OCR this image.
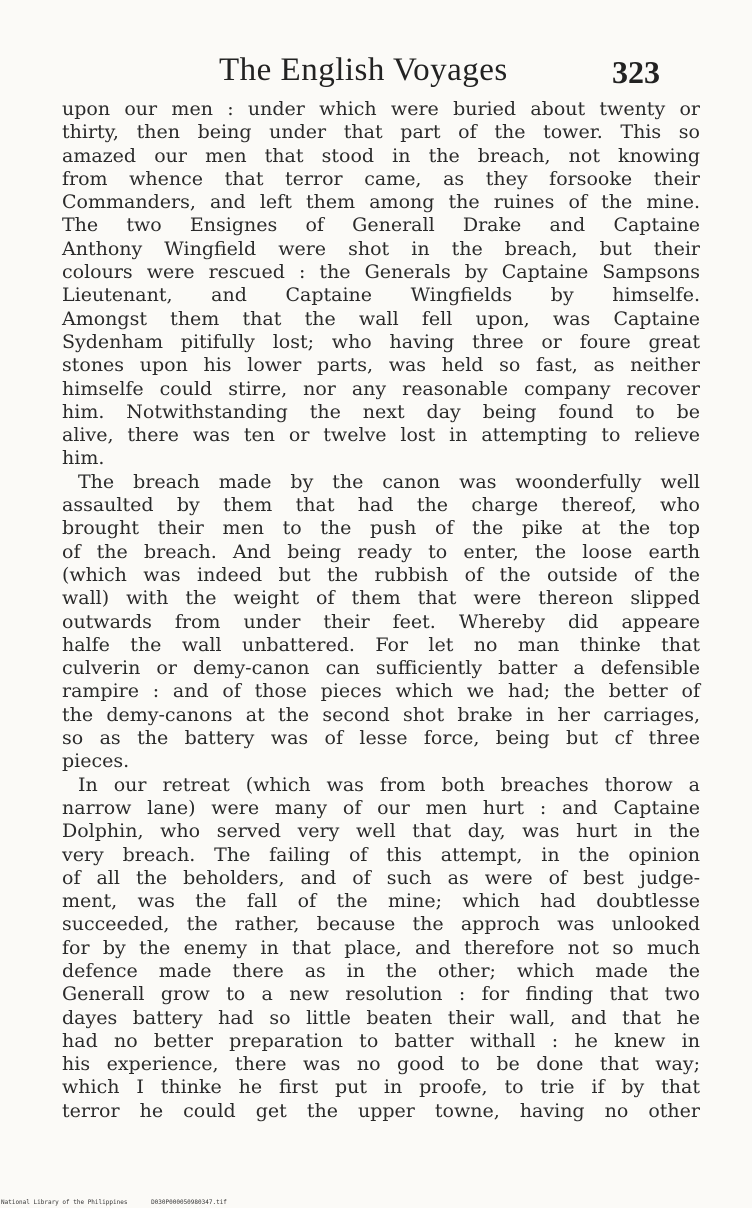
The English Voyages	323
upon our men : under which were buried about twenty or
thirty, then being under that part of the tower. This so
amazed our men that stood in the breach, not knowing
from whence that terror came, as they forsooke their
Commanders, and left them among the ruines of the mine.
The two Ensignes of Generall Drake and Captaine
Anthony Wingfield were shot in the breach, but their
colours were rescued : the Generals by Captaine Sampsons
Lieutenant, and Captaine Wingfields by himselfe.
Amongst them that the wall fell upon, was Captaine
Sydenham pitifully lost; who having three or foure great
stones upon his lower parts, was held so fast, as neither
himselfe could stirre, nor any reasonable company recover
him. Notwithstanding the next day being found to be
alive, there was ten or twelve lost in attempting to relieve
him.
The breach made by the canon was woonderfully well
assaulted by them that had the charge thereof, who
brought their men to the push of the pike at the top
of the breach. And being ready to enter, the loose earth
(which was indeed but the rubbish of the outside of the
wall) with the weight of them that were thereon slipped
outwards from under their feet. Whereby did appeare
halfe the wall unbattered. For let no man thinke that
culverin or demy-canon can sufficiently batter a defensible
rampire : and of those pieces which we had; the better of
the demy-canons at the second shot brake in her carriages,
so as the battery was of lesse force, being but cf three
pieces.
In our retreat (which was from both breaches thorow a
narrow lane) were many of our men hurt : and Captaine
Dolphin, who served very well that day, was hurt in the
very breach. The failing of this attempt, in the opinion
of all the beholders, and of such as were of best judge-
ment, was the fall of the mine; which had doubtlesse
succeeded, the rather, because the approch was unlooked
for by the enemy in that place, and therefore not so much
defence made there as in the other; which made the
Generall grow to a new resolution : for finding that two
dayes battery had so little beaten their wall, and that he
had no better preparation to batter withall : he knew in
his experience, there was no good to be done that way;
which I thinke he first put in proofe, to trie if by that
terror he could get the upper towne, having no other
National Library of the Philippines	D030P000050980347.tif
